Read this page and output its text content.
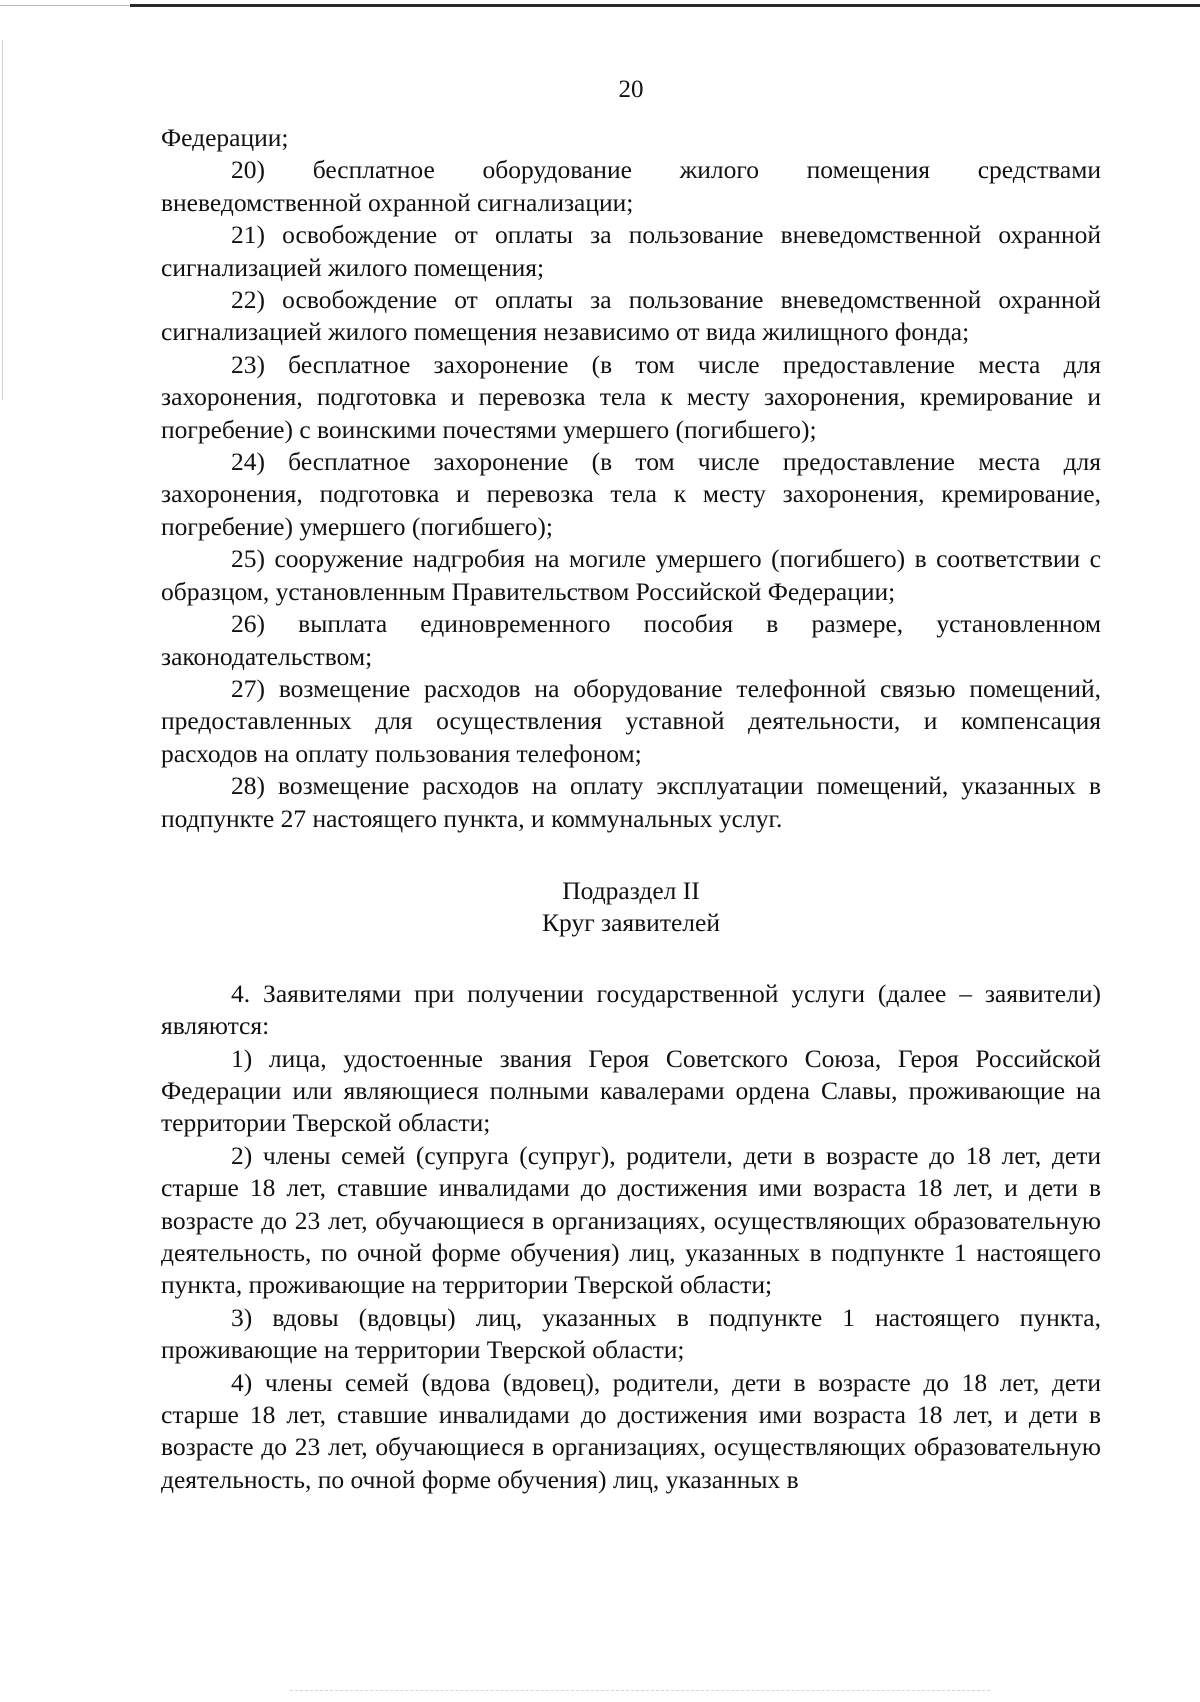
20

Федерации;

20) бесплатное оборудование жилого помещения средствами вневедомственной охранной сигнализации;

21) освобождение от оплаты за пользование вневедомственной охранной сигнализацией жилого помещения;

22) освобождение от оплаты за пользование вневедомственной охранной сигнализацией жилого помещения независимо от вида жилищного фонда;

23) бесплатное захоронение (в том числе предоставление места для захоронения, подготовка и перевозка тела к месту захоронения, кремирование и погребение) с воинскими почестями умершего (погибшего);

24) бесплатное захоронение (в том числе предоставление места для захоронения, подготовка и перевозка тела к месту захоронения, кремирование, погребение) умершего (погибшего);

25) сооружение надгробия на могиле умершего (погибшего) в соответствии с образцом, установленным Правительством Российской Федерации;

26) выплата единовременного пособия в размере, установленном законодательством;

27) возмещение расходов на оборудование телефонной связью помещений, предоставленных для осуществления уставной деятельности, и компенсация расходов на оплату пользования телефоном;

28) возмещение расходов на оплату эксплуатации помещений, указанных в подпункте 27 настоящего пункта, и коммунальных услуг.

Подраздел II
Круг заявителей

4. Заявителями при получении государственной услуги (далее – заявители) являются:

1) лица, удостоенные звания Героя Советского Союза, Героя Российской Федерации или являющиеся полными кавалерами ордена Славы, проживающие на территории Тверской области;

2) члены семей (супруга (супруг), родители, дети в возрасте до 18 лет, дети старше 18 лет, ставшие инвалидами до достижения ими возраста 18 лет, и дети в возрасте до 23 лет, обучающиеся в организациях, осуществляющих образовательную деятельность, по очной форме обучения) лиц, указанных в подпункте 1 настоящего пункта, проживающие на территории Тверской области;

3) вдовы (вдовцы) лиц, указанных в подпункте 1 настоящего пункта, проживающие на территории Тверской области;

4) члены семей (вдова (вдовец), родители, дети в возрасте до 18 лет, дети старше 18 лет, ставшие инвалидами до достижения ими возраста 18 лет, и дети в возрасте до 23 лет, обучающиеся в организациях, осуществляющих образовательную деятельность, по очной форме обучения) лиц, указанных в
